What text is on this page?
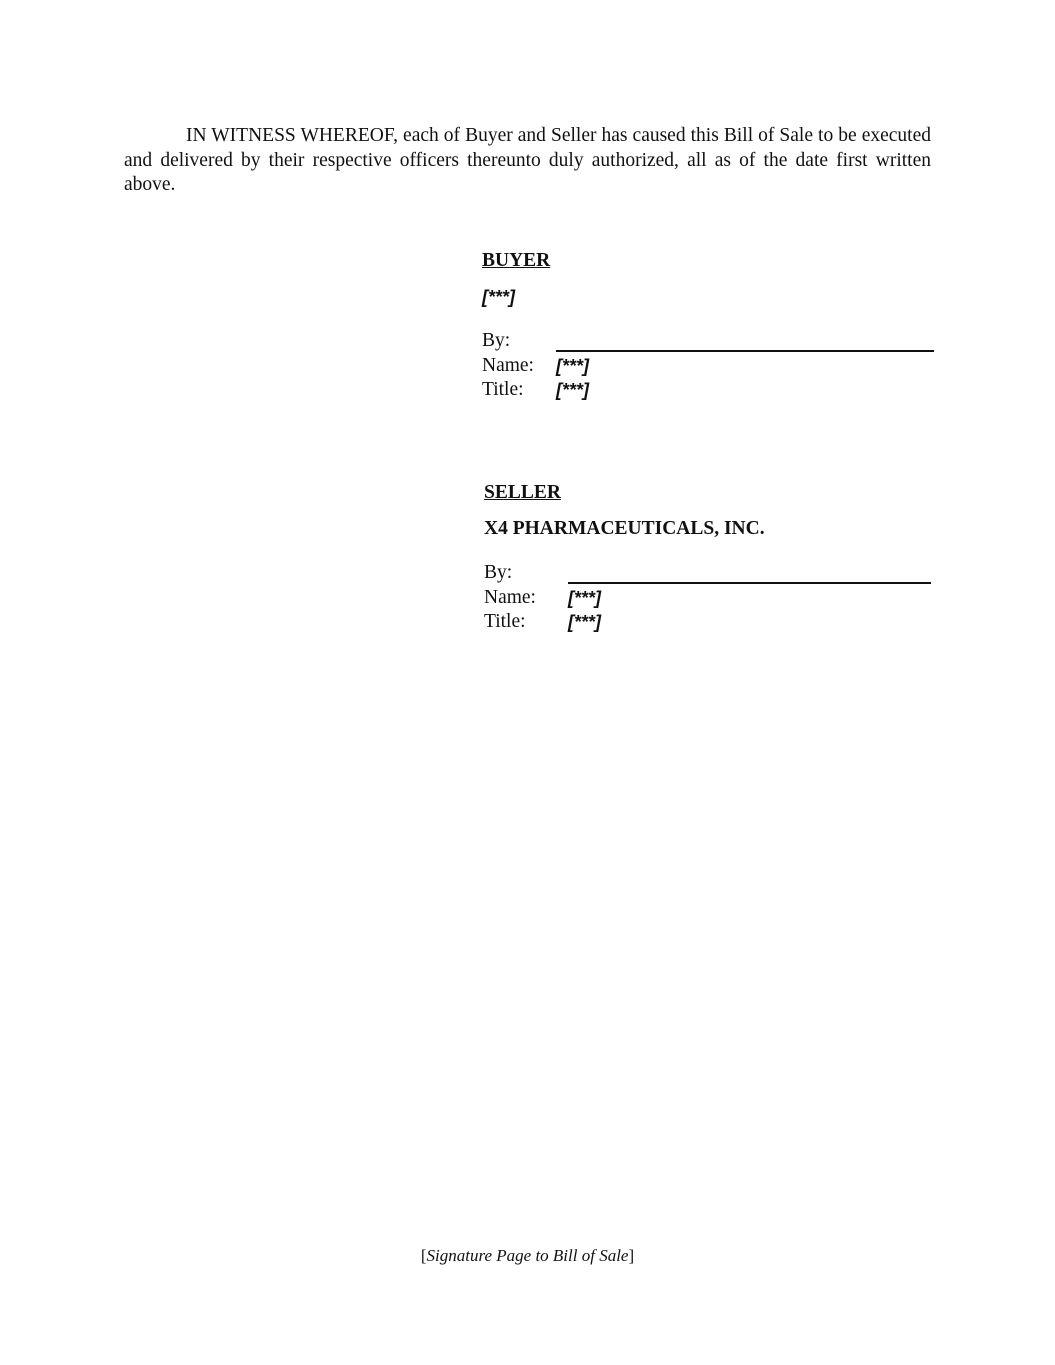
IN WITNESS WHEREOF, each of Buyer and Seller has caused this Bill of Sale to be executed and delivered by their respective officers thereunto duly authorized, all as of the date first written above.

BUYER
[***]
By:
Name:	[***]
Title:	[***]
SELLER
X4 PHARMACEUTICALS, INC.
By:
Name:	[***]
Title:	[***]
[Signature Page to Bill of Sale]
